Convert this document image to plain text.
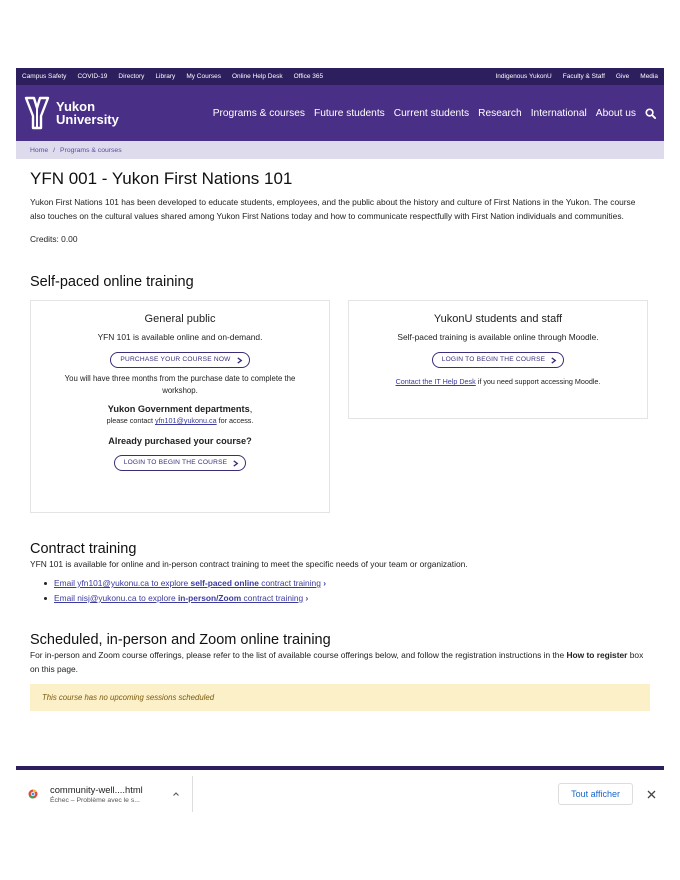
Campus Safety COVID-19 Directory Library My Courses Online Help Desk Office 365	Indigenous YukonU Faculty & Staff Give Media
Yukon
University	Programs & courses Future students Current students Research International About us
Home / Programs & courses
YFN 001 - Yukon First Nations 101

Yukon First Nations 101 has been developed to educate students, employees, and the public about the history and culture of First Nations in the Yukon. The course also touches on the cultural values shared among Yukon First Nations today and how to communicate respectfully with First Nation individuals and communities.

Credits: 0.00

Self-paced online training
General public
YFN 101 is available online and on-demand.
PURCHASE YOUR COURSE NOW
You will have three months from the purchase date to complete the workshop.
Yukon Government departments,
please contact yfn101@yukonu.ca for access.
Already purchased your course?
LOGIN TO BEGIN THE COURSE
YukonU students and staff
Self-paced training is available online through Moodle.
LOGIN TO BEGIN THE COURSE
Contact the IT Help Desk if you need support accessing Moodle.
Contract training

YFN 101 is available for online and in-person contract training to meet the specific needs of your team or organization.

Email yfn101@yukonu.ca to explore self-paced online contract training ›
Email nisj@yukonu.ca to explore in-person/Zoom contract training ›
Scheduled, in-person and Zoom online training

For in-person and Zoom course offerings, please refer to the list of available course offerings below, and follow the registration instructions in the How to register box on this page.

This course has no upcoming sessions scheduled
community-well....html
Échec – Problème avec le s...
Tout afficher
